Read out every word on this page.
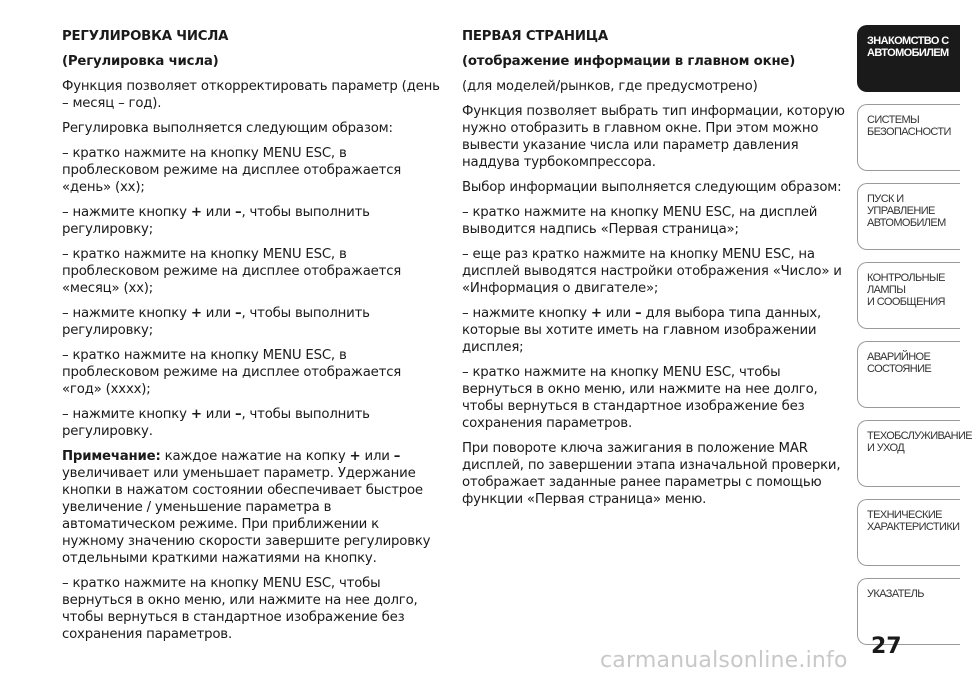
РЕГУЛИРОВКА ЧИСЛА

(Регулировка числа)

Функция позволяет откорректировать параметр (день – месяц – год).

Регулировка выполняется следующим образом:

– кратко нажмите на кнопку MENU ESC, в проблесковом режиме на дисплее отображается «день» (хх);

– нажмите кнопку + или –, чтобы выполнить регулировку;

– кратко нажмите на кнопку MENU ESC, в проблесковом режиме на дисплее отображается «месяц» (хх);

– нажмите кнопку + или –, чтобы выполнить регулировку;

– кратко нажмите на кнопку MENU ESC, в проблесковом режиме на дисплее отображается «год» (хххх);

– нажмите кнопку + или –, чтобы выполнить регулировку.

Примечание: каждое нажатие на копку + или – увеличивает или уменьшает параметр. Удержание кнопки в нажатом состоянии обеспечивает быстрое увеличение / уменьшение параметра в автоматическом режиме. При приближении к нужному значению скорости завершите регулировку отдельными краткими нажатиями на кнопку.

– кратко нажмите на кнопку MENU ESC, чтобы вернуться в окно меню, или нажмите на нее долго, чтобы вернуться в стандартное изображение без сохранения параметров.

ПЕРВАЯ СТРАНИЦА

(отображение информации в главном окне)

(для моделей/рынков, где предусмотрено)

Функция позволяет выбрать тип информации, которую нужно отобразить в главном окне. При этом можно вывести указание числа или параметр давления наддува турбокомпрессора.

Выбор информации выполняется следующим образом:

– кратко нажмите на кнопку MENU ESC, на дисплей выводится надпись «Первая страница»;

– еще раз кратко нажмите на кнопку MENU ESC, на дисплей выводятся настройки отображения «Число» и «Информация о двигателе»;

– нажмите кнопку + или – для выбора типа данных, которые вы хотите иметь на главном изображении дисплея;

– кратко нажмите на кнопку MENU ESC, чтобы вернуться в окно меню, или нажмите на нее долго, чтобы вернуться в стандартное изображение без сохранения параметров.

При повороте ключа зажигания в положение MAR дисплей, по завершении этапа изначальной проверки, отображает заданные ранее параметры с помощью функции «Первая страница» меню.

ЗНАКОМСТВО С
АВТОМОБИЛЕМ
СИСТЕМЫ
БЕЗОПАСНОСТИ
ПУСК И УПРАВЛЕНИЕ
АВТОМОБИЛЕМ
КОНТРОЛЬНЫЕ
ЛАМПЫ
И СООБЩЕНИЯ
АВАРИЙНОЕ
СОСТОЯНИЕ
ТЕХОБСЛУЖИВАНИЕ
И УХОД
ТЕХНИЧЕСКИЕ
ХАРАКТЕРИСТИКИ
УКАЗАТЕЛЬ
27
carmanualsonline.info
